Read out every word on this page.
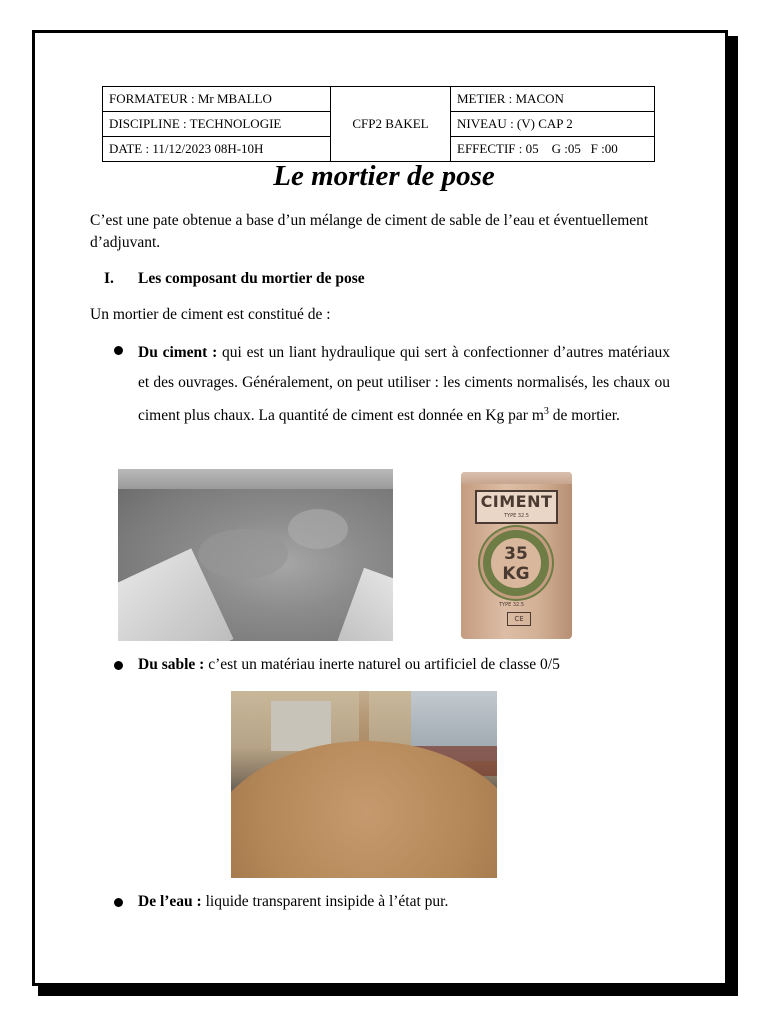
FORMATEUR : Mr MBALLO	CFP2 BAKEL	METIER : MACON
DISCIPLINE : TECHNOLOGIE		NIVEAU : (V) CAP 2
DATE : 11/12/2023 08H-10H		EFFECTIF : 05    G :05   F :00
Le mortier de pose

C’est une pate obtenue a base d’un mélange de ciment de sable de l’eau et éventuellement d’adjuvant.

I. Les composant du mortier de pose

Un mortier de ciment est constitué de :

Du ciment : qui est un liant hydraulique qui sert à confectionner d’autres matériaux et des ouvrages. Généralement, on peut utiliser : les ciments normalisés, les chaux ou ciment plus chaux. La quantité de ciment est donnée en Kg par $m^3$ de mortier.

CIMENT
TYPE 32.5
35
KG
TYPE 32.5
CE

Du sable : c’est un matériau inerte naturel ou artificiel de classe 0/5

De l’eau : liquide transparent insipide à l’état pur.
